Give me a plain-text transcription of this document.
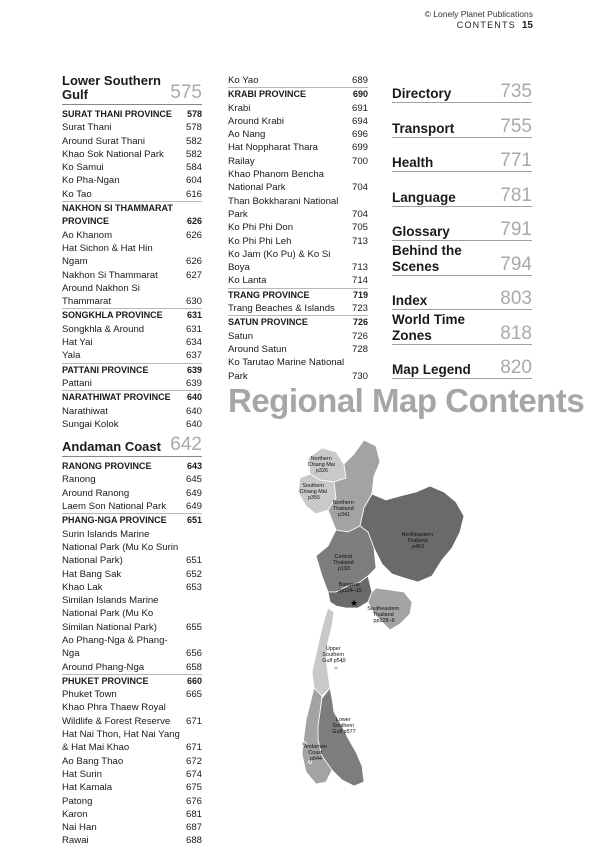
© Lonely Planet Publications
CONTENTS 15
Lower Southern Gulf	575
SURAT THANI PROVINCE 578
Surat Thani	578
Around Surat Thani	582
Khao Sok National Park 582
Ko Samui	584
Ko Pha-Ngan	604
Ko Tao	616
NAKHON SI THAMMARAT PROVINCE	626
Ao Khanom	626
Hat Sichon & Hat Hin Ngam	626
Nakhon Si Thammarat	627
Around Nakhon Si Thammarat	630
SONGKHLA PROVINCE	631
Songkhla & Around	631
Hat Yai	634
Yala	637
PATTANI PROVINCE	639
Pattani	639
NARATHIWAT PROVINCE 640
Narathiwat	640
Sungai Kolok	640
Andaman Coast 642
RANONG PROVINCE	643
Ranong	645
Around Ranong	649
Laem Son National Park 649
PHANG-NGA PROVINCE 651
Surin Islands Marine National Park (Mu Ko Surin National Park)	651
Hat Bang Sak	652
Khao Lak	653
Similan Islands Marine National Park (Mu Ko Similan National Park)	655
Ao Phang-Nga & Phang-Nga	656
Around Phang-Nga	658
PHUKET PROVINCE	660
Phuket Town	665
Khao Phra Thaew Royal Wildlife & Forest Reserve	671
Hat Nai Thon, Hat Nai Yang & Hat Mai Khao	671
Ao Bang Thao	672
Hat Surin	674
Hat Kamala	675
Patong	676
Karon	681
Nai Han	687
Rawai	688
Ko Yao	689
KRABI PROVINCE	690
Krabi	691
Around Krabi	694
Ao Nang	696
Hat Noppharat Thara	699
Railay	700
Khao Phanom Bencha National Park	704
Than Bokkharani National Park	704
Ko Phi Phi Don	705
Ko Phi Phi Leh	713
Ko Jam (Ko Pu) & Ko Si Boya	713
Ko Lanta	714
TRANG PROVINCE	719
Trang Beaches & Islands 723
SATUN PROVINCE	726
Satun	726
Around Satun	728
Ko Tarutao Marine National Park	730
Directory	735
Transport 755
Health	771
Language 781
Glossary	791
Behind the Scenes	794
Index	803
World Time Zones	818
Map Legend 820
Regional Map Contents
★
Northern Chiang Mai p326
Southern Chiang Mai p355
Northern Thailand p341
Northeastern Thailand p453
Central Thailand p193
Bangkok pp114–15
Southeastern Thailand pp228–9
Upper Southern Gulf p549
Lower Southern Gulf p577
Andaman Coast p644
